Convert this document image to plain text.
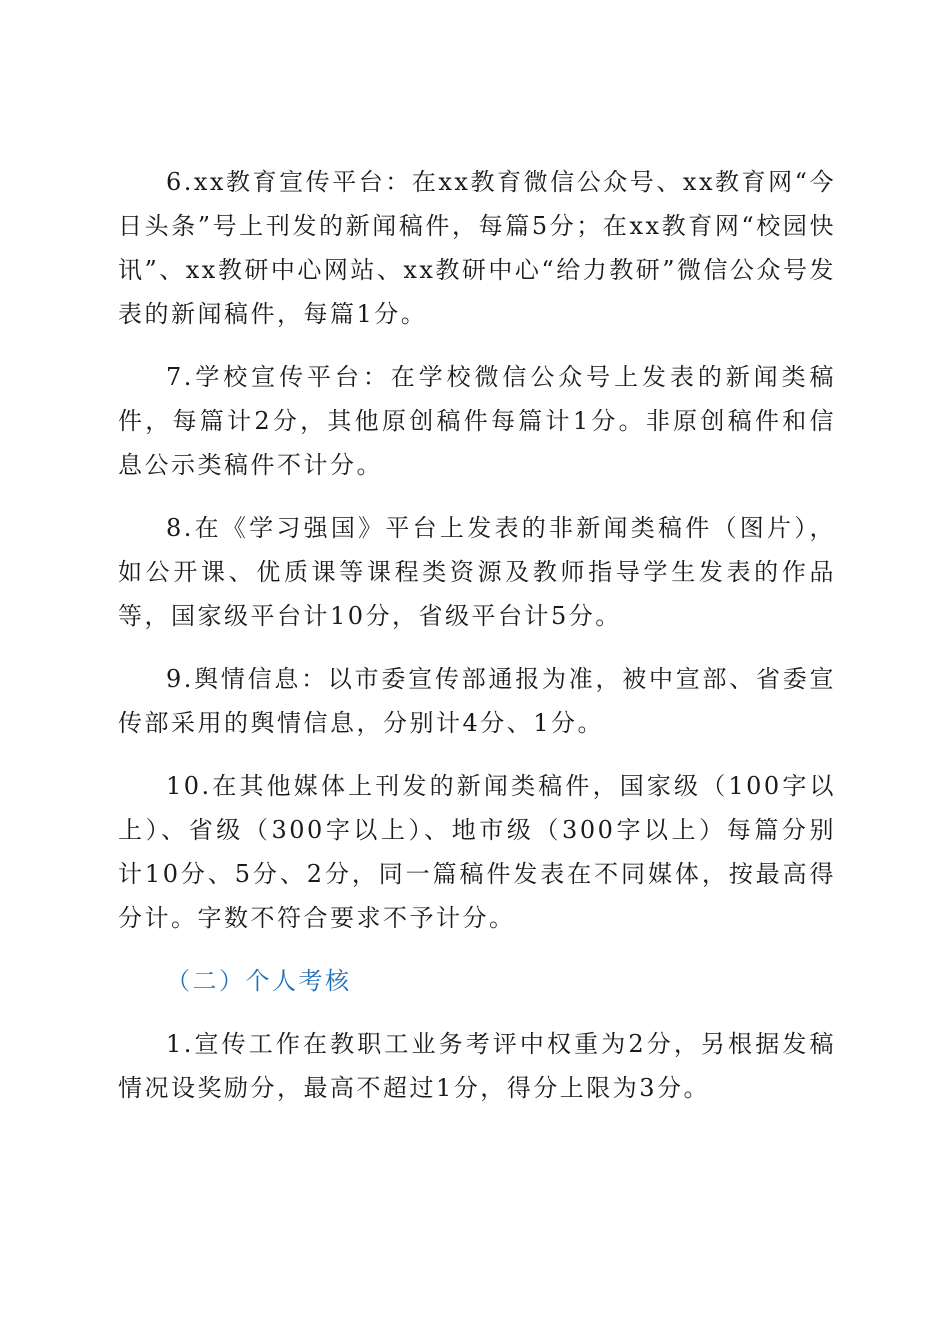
6.xx教育宣传平台：在xx教育微信公众号、xx教育网“今日头条”号上刊发的新闻稿件，每篇5分；在xx教育网“校园快讯”、xx教研中心网站、xx教研中心“给力教研”微信公众号发表的新闻稿件，每篇1分。

7.学校宣传平台：在学校微信公众号上发表的新闻类稿件，每篇计2分，其他原创稿件每篇计1分。非原创稿件和信息公示类稿件不计分。

8.在《学习强国》平台上发表的非新闻类稿件（图片），如公开课、优质课等课程类资源及教师指导学生发表的作品等，国家级平台计10分，省级平台计5分。

9.舆情信息：以市委宣传部通报为准，被中宣部、省委宣传部采用的舆情信息，分别计4分、1分。

10.在其他媒体上刊发的新闻类稿件，国家级（100字以上）、省级（300字以上）、地市级（300字以上）每篇分别计10分、5分、2分，同一篇稿件发表在不同媒体，按最高得分计。字数不符合要求不予计分。

（二）个人考核

1.宣传工作在教职工业务考评中权重为2分，另根据发稿情况设奖励分，最高不超过1分，得分上限为3分。
